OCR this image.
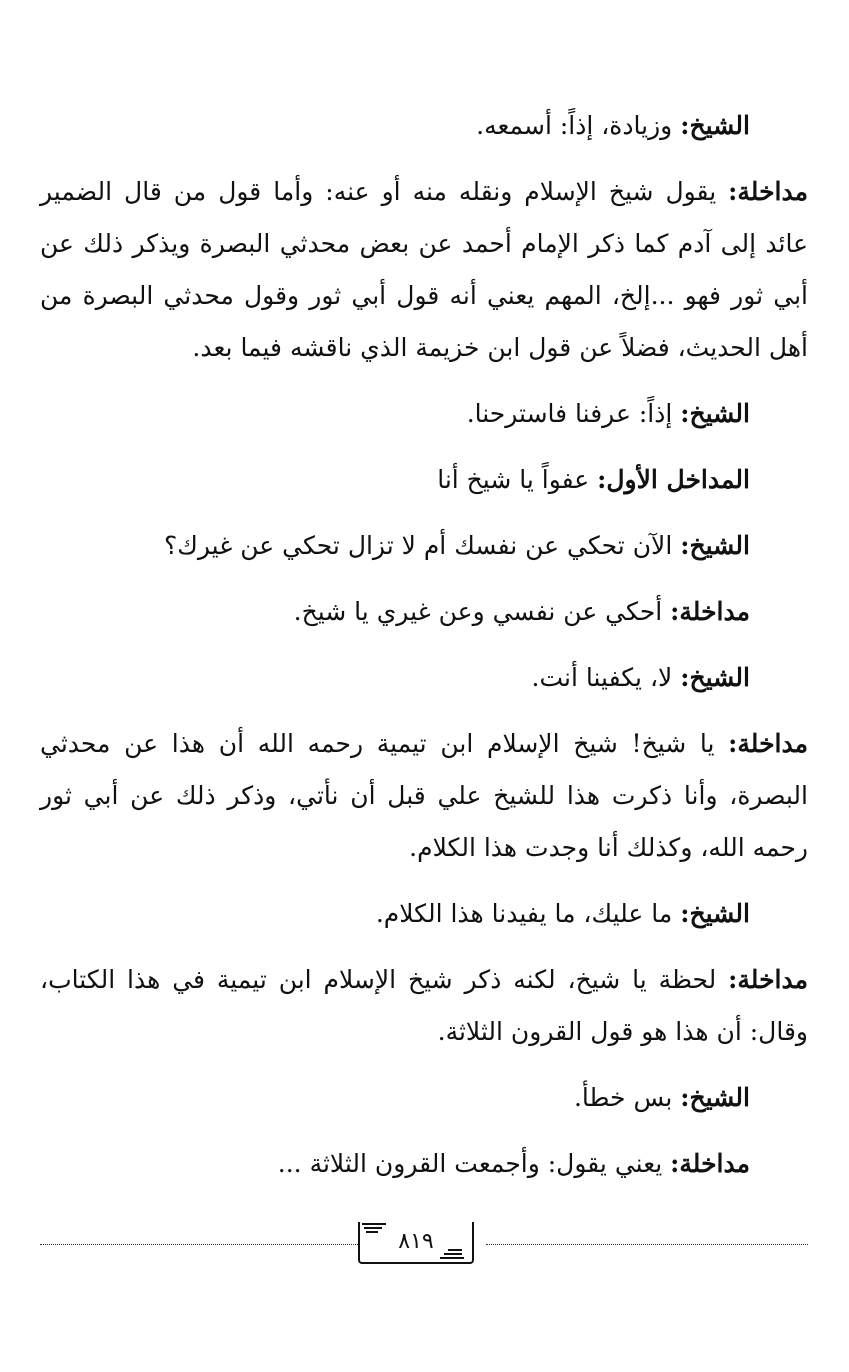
الشيخ: وزيادة، إذاً: أسمعه.

مداخلة: يقول شيخ الإسلام ونقله منه أو عنه: وأما قول من قال الضمير عائد إلى آدم كما ذكر الإمام أحمد عن بعض محدثي البصرة ويذكر ذلك عن أبي ثور فهو ...إلخ، المهم يعني أنه قول أبي ثور وقول محدثي البصرة من أهل الحديث، فضلاً عن قول ابن خزيمة الذي ناقشه فيما بعد.

الشيخ: إذاً: عرفنا فاسترحنا.

المداخل الأول: عفواً يا شيخ أنا

الشيخ: الآن تحكي عن نفسك أم لا تزال تحكي عن غيرك؟

مداخلة: أحكي عن نفسي وعن غيري يا شيخ.

الشيخ: لا، يكفينا أنت.

مداخلة: يا شيخ! شيخ الإسلام ابن تيمية رحمه الله أن هذا عن محدثي البصرة، وأنا ذكرت هذا للشيخ علي قبل أن نأتي، وذكر ذلك عن أبي ثور رحمه الله، وكذلك أنا وجدت هذا الكلام.

الشيخ: ما عليك، ما يفيدنا هذا الكلام.

مداخلة: لحظة يا شيخ، لكنه ذكر شيخ الإسلام ابن تيمية في هذا الكتاب، وقال: أن هذا هو قول القرون الثلاثة.

الشيخ: بس خطأ.

مداخلة: يعني يقول: وأجمعت القرون الثلاثة ...

٨١٩
